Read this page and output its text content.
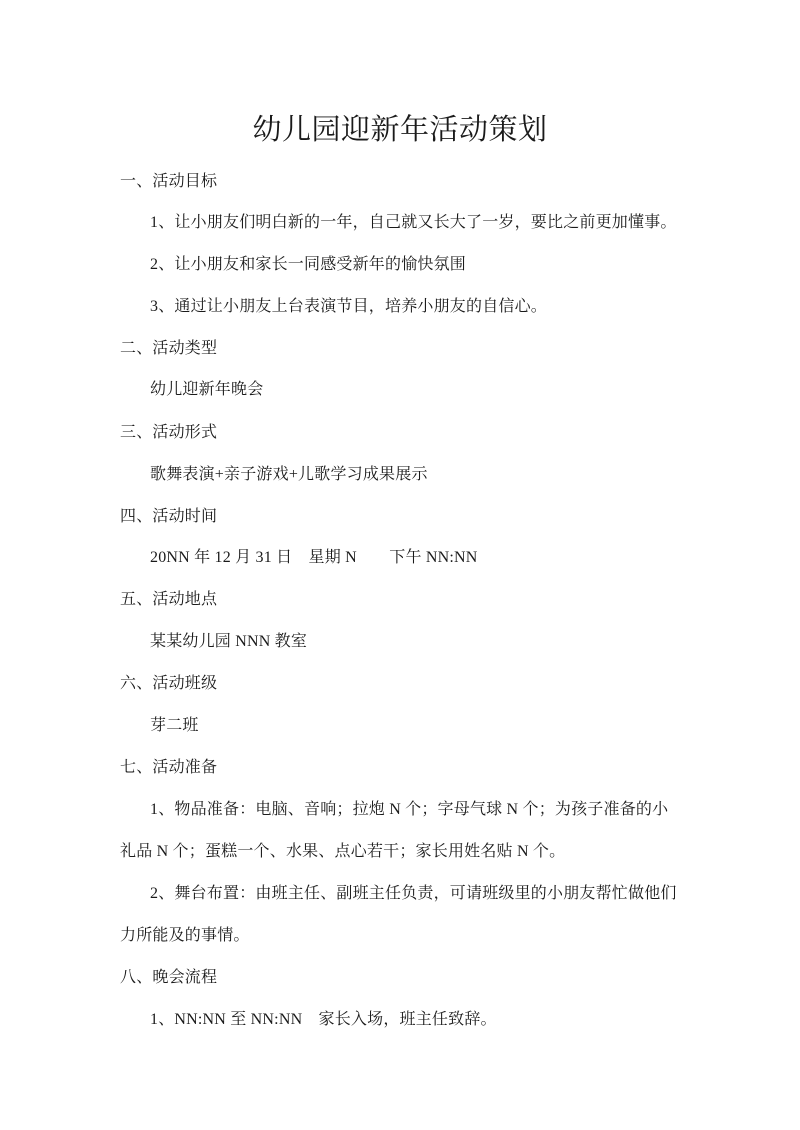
幼儿园迎新年活动策划
一、活动目标
1、让小朋友们明白新的一年，自己就又长大了一岁，要比之前更加懂事。
2、让小朋友和家长一同感受新年的愉快氛围
3、通过让小朋友上台表演节目，培养小朋友的自信心。
二、活动类型
幼儿迎新年晚会
三、活动形式
歌舞表演+亲子游戏+儿歌学习成果展示
四、活动时间
20NN 年 12 月 31 日　星期 N　　下午 NN:NN
五、活动地点
某某幼儿园 NNN 教室
六、活动班级
芽二班
七、活动准备
1、物品准备：电脑、音响；拉炮 N 个；字母气球 N 个；为孩子准备的小
礼品 N 个；蛋糕一个、水果、点心若干；家长用姓名贴 N 个。
2、舞台布置：由班主任、副班主任负责，可请班级里的小朋友帮忙做他们
力所能及的事情。
八、晚会流程
1、NN:NN 至 NN:NN　家长入场，班主任致辞。
